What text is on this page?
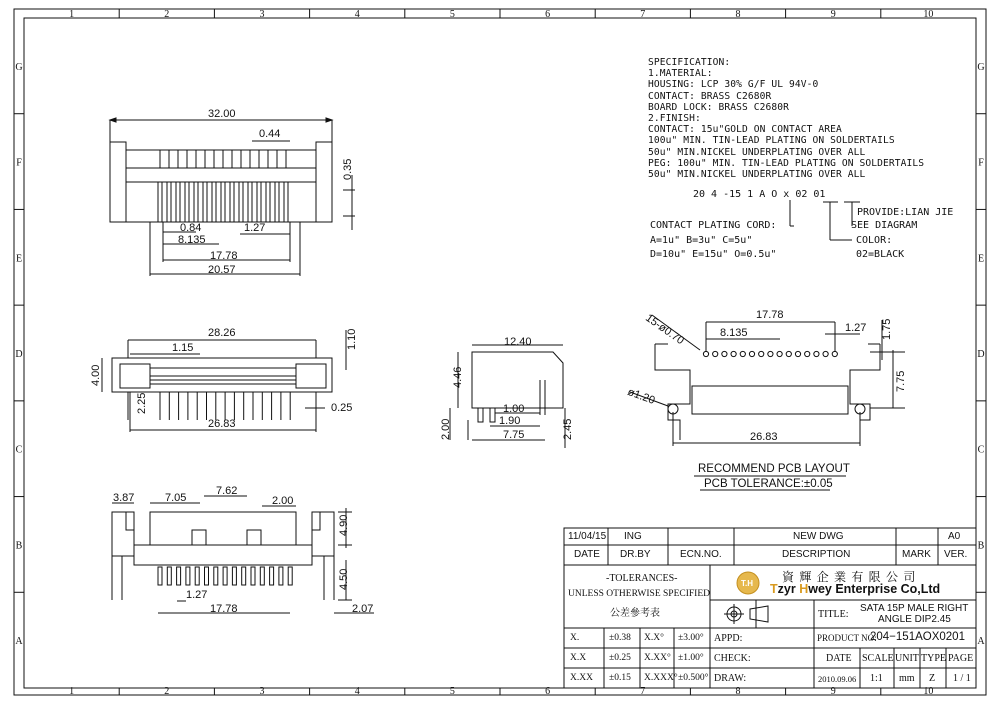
1
1
2
2
3
3
4
4
5
5
6
6
7
7
8
8
9
9
10
10
G	G
F	F
E	E
D	D
C	C
B	B
A	A
SPECIFICATION:
1.MATERIAL:
HOUSING: LCP 30% G/F UL 94V-0
CONTACT: BRASS C2680R
BOARD LOCK: BRASS C2680R
2.FINISH:
CONTACT: 15u"GOLD ON CONTACT AREA
100u" MIN. TIN-LEAD PLATING ON SOLDERTAILS
50u" MIN.NICKEL UNDERPLATING OVER ALL
PEG: 100u" MIN. TIN-LEAD PLATING ON SOLDERTAILS
50u" MIN.NICKEL UNDERPLATING OVER ALL
20 4 -15 1 A O x 02 01
PROVIDE:LIAN JIE
SEE DIAGRAM
CONTACT PLATING CORD:
A=1u" B=3u" C=5u"
D=10u" E=15u" O=0.5u"
COLOR:
02=BLACK
32.00
0.44
0.35
0.84	1.27
8.135
17.78
20.57
28.26	1.10
1.15
4.00
2.25	0.25
26.83
12.40
4.46
1.00
1.90
2.00	7.75	2.45
17.78
8.135	1.27 1.75
7.75
15-ø0.70
ø1.20
26.83
RECOMMEND PCB LAYOUT
PCB TOLERANCE:±0.05
3.87	7.05
7.62
2.00
4.90
4.50
1.27
17.78	2.07
11/04/15 ING	NEW DWG	A0
DATE DR.BY	ECN.NO.	DESCRIPTION	MARK VER.
-TOLERANCES-
UNLESS OTHERWISE SPECIFIED
公差參考表
T.H 資 輝 企 業 有 限 公 司
Tzyr Hwey Enterprise Co,Ltd
TITLE:
SATA 15P MALE RIGHT
ANGLE DIP2.45
PRODUCT NO:
204−151AOX0201
X.	±0.38 X.X° ±3.00°
X.X ±0.25 X.XX° ±1.00°
X.XX ±0.15 X.XXX° ±0.500°
APPD:
CHECK:
DRAW:
DATE SCALE UNIT TYPE PAGE
2010.09.06 1:1 mm Z 1 / 1
